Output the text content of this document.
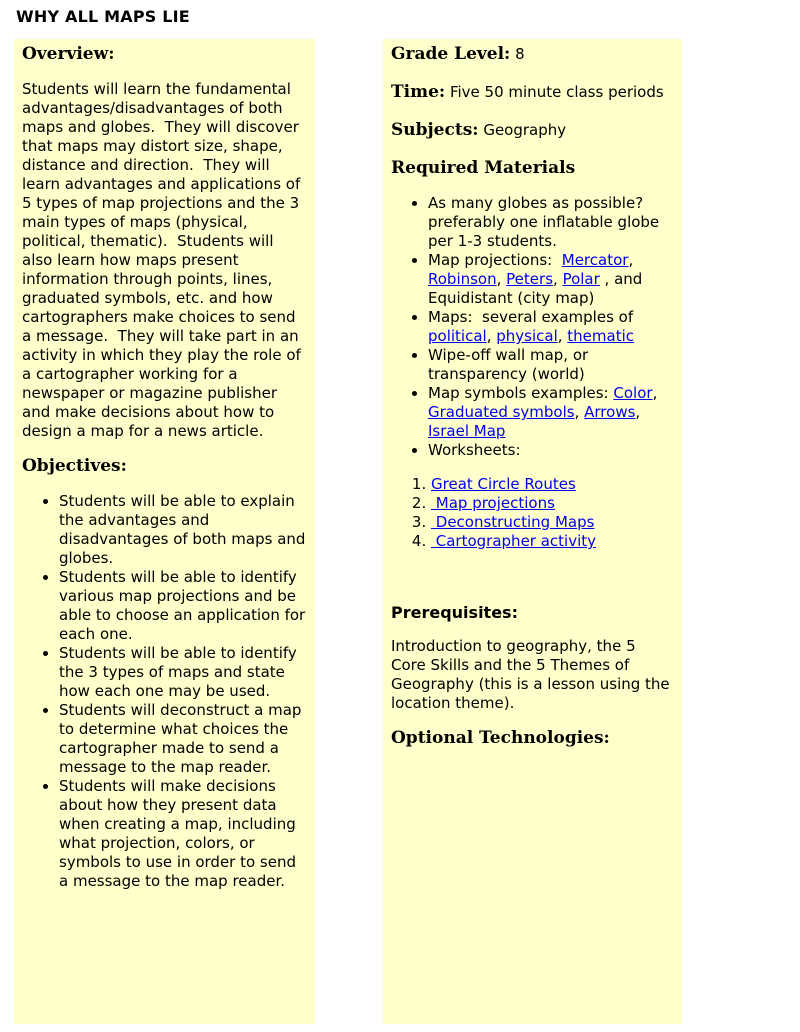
WHY ALL MAPS LIE
Overview:

Students will learn the fundamental advantages/disadvantages of both maps and globes.  They will discover that maps may distort size, shape, distance and direction.  They will learn advantages and applications of 5 types of map projections and the 3 main types of maps (physical, political, thematic).  Students will also learn how maps present information through points, lines, graduated symbols, etc. and how cartographers make choices to send a message.  They will take part in an activity in which they play the role of a cartographer working for a newspaper or magazine publisher and make decisions about how to design a map for a news article.

Objectives:
• Students will be able to explain the advantages and disadvantages of both maps and globes.
• Students will be able to identify various map projections and be able to choose an application for each one.
• Students will be able to identify the 3 types of maps and state how each one may be used.
• Students will deconstruct a map to determine what choices the cartographer made to send a message to the map reader.
• Students will make decisions about how they present data when creating a map, including what projection, colors, or symbols to use in order to send a message to the map reader.

Grade Level: 8

Time: Five 50 minute class periods

Subjects: Geography

Required Materials
• As many globes as possible? preferably one inflatable globe per 1-3 students.
• Map projections:  Mercator, Robinson, Peters, Polar , and Equidistant (city map)
• Maps:  several examples of political, physical, thematic
• Wipe-off wall map, or transparency (world)
• Map symbols examples: Color, Graduated symbols, Arrows, Israel Map
• Worksheets:
1. Great Circle Routes
2.  Map projections
3.  Deconstructing Maps
4.  Cartographer activity

Prerequisites:

Introduction to geography, the 5 Core Skills and the 5 Themes of Geography (this is a lesson using the location theme).

Optional Technologies:
